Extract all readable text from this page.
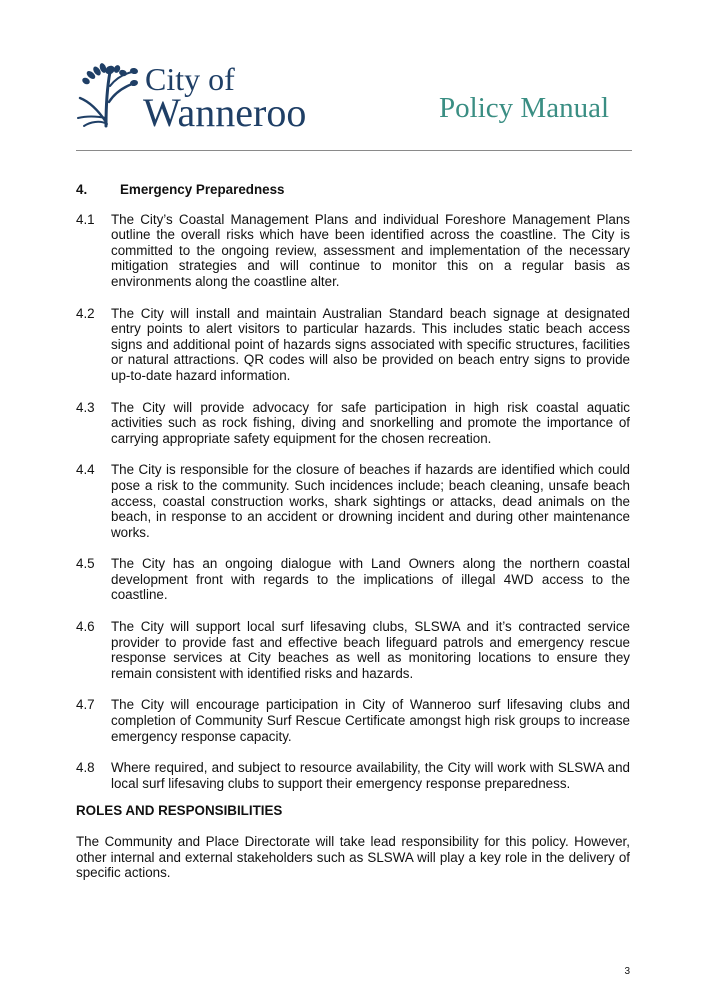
City of
Wanneroo	Policy Manual
4.	Emergency Preparedness
4.1	The City’s Coastal Management Plans and individual Foreshore Management Plans outline the overall risks which have been identified across the coastline. The City is committed to the ongoing review, assessment and implementation of the necessary mitigation strategies and will continue to monitor this on a regular basis as environments along the coastline alter.
4.2	The City will install and maintain Australian Standard beach signage at designated entry points to alert visitors to particular hazards. This includes static beach access signs and additional point of hazards signs associated with specific structures, facilities or natural attractions. QR codes will also be provided on beach entry signs to provide up-to-date hazard information.
4.3	The City will provide advocacy for safe participation in high risk coastal aquatic activities such as rock fishing, diving and snorkelling and promote the importance of carrying appropriate safety equipment for the chosen recreation.
4.4	The City is responsible for the closure of beaches if hazards are identified which could pose a risk to the community. Such incidences include; beach cleaning, unsafe beach access, coastal construction works, shark sightings or attacks, dead animals on the beach, in response to an accident or drowning incident and during other maintenance works.
4.5	The City has an ongoing dialogue with Land Owners along the northern coastal development front with regards to the implications of illegal 4WD access to the coastline.
4.6	The City will support local surf lifesaving clubs, SLSWA and it’s contracted service provider to provide fast and effective beach lifeguard patrols and emergency rescue response services at City beaches as well as monitoring locations to ensure they remain consistent with identified risks and hazards.
4.7	The City will encourage participation in City of Wanneroo surf lifesaving clubs and completion of Community Surf Rescue Certificate amongst high risk groups to increase emergency response capacity.
4.8	Where required, and subject to resource availability, the City will work with SLSWA and local surf lifesaving clubs to support their emergency response preparedness.
ROLES AND RESPONSIBILITIES

The Community and Place Directorate will take lead responsibility for this policy. However, other internal and external stakeholders such as SLSWA will play a key role in the delivery of specific actions.

3
